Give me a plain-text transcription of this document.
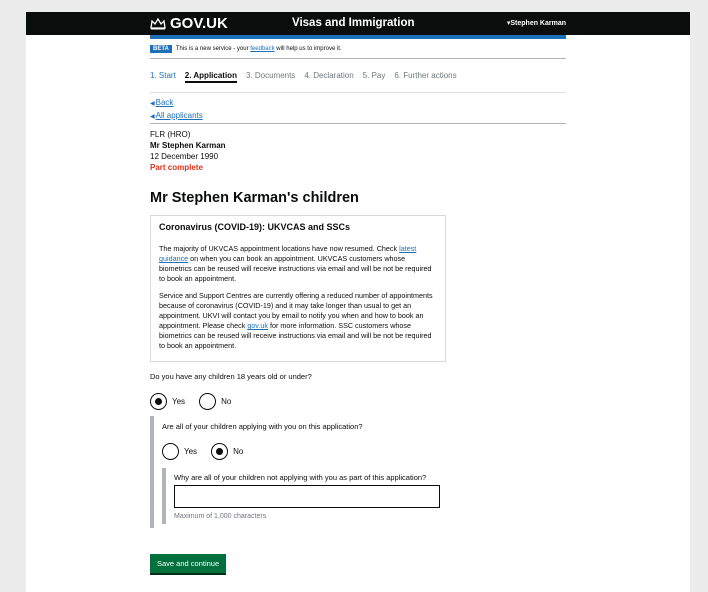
GOV.UK	Visas and Immigration	▾Stephen Karman
BETA	This is a new service - your feedback will help us to improve it.
1. Start 2. Application 3. Documents 4. Declaration 5. Pay 6. Further actions
◀Back
◀All applicants
FLR (HRO)
Mr Stephen Karman
12 December 1990
Part complete
Mr Stephen Karman's children
Coronavirus (COVID-19): UKVCAS and SSCs

The majority of UKVCAS appointment locations have now resumed. Check latest guidance on when you can book an appointment. UKVCAS customers whose biometrics can be reused will receive instructions via email and will be not be required to book an appointment.

Service and Support Centres are currently offering a reduced number of appointments because of coronavirus (COVID-19) and it may take longer than usual to get an appointment. UKVI will contact you by email to notify you when and how to book an appointment. Please check gov.uk for more information. SSC customers whose biometrics can be reused will receive instructions via email and will be not be required to book an appointment.

Do you have any children 18 years old or under?
Yes	No
Are all of your children applying with you on this application?
Yes	No
Why are all of your children not applying with you as part of this application?
Maximum of 1,000 characters
Save and continue
